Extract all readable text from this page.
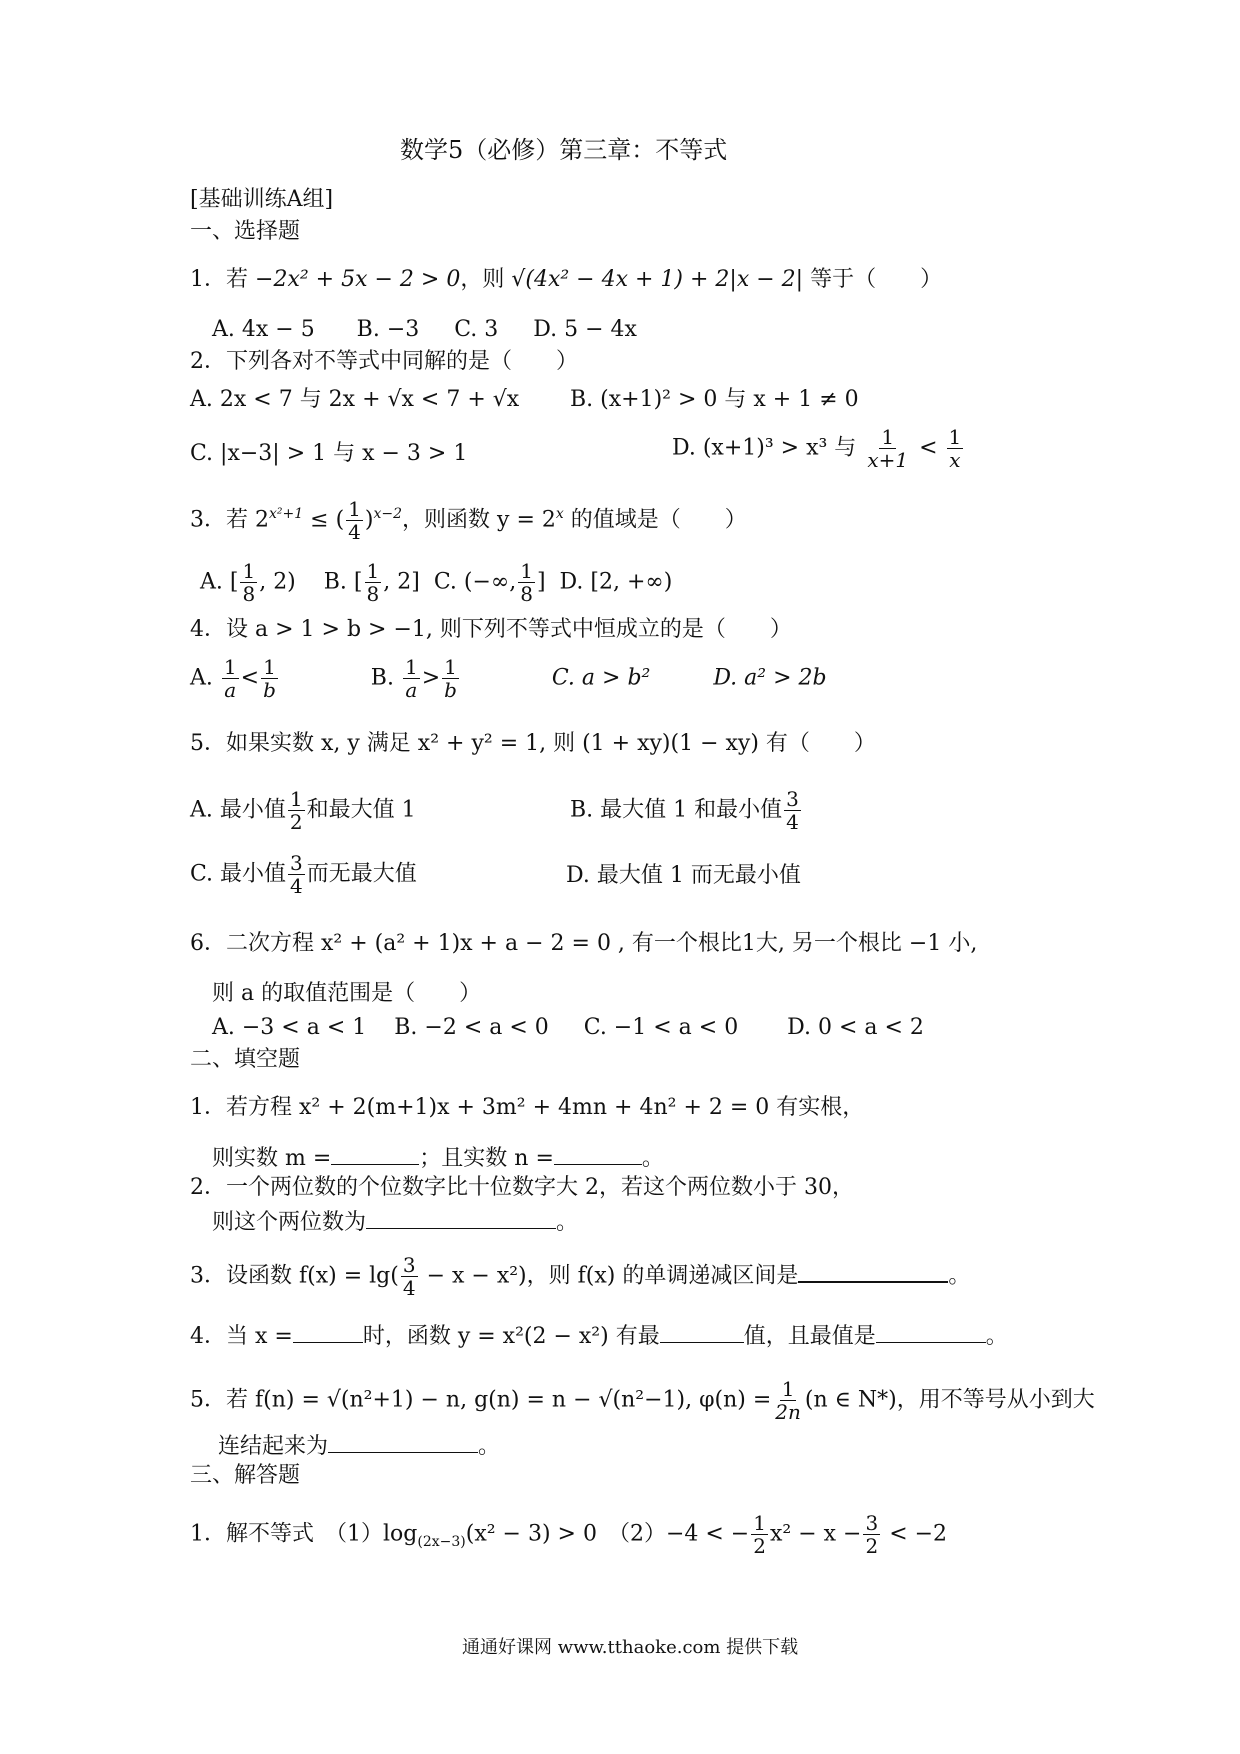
数学5（必修）第三章：不等式
[基础训练A组]
一、选择题
1．若 −2x² + 5x − 2 > 0，则 √(4x² − 4x + 1) + 2|x − 2| 等于（　　）
A. 4x − 5 B. −3 C. 3 D. 5 − 4x
2．下列各对不等式中同解的是（　　）
A. 2x < 7 与 2x + √x < 7 + √x B. (x+1)² > 0 与 x + 1 ≠ 0
C. |x−3| > 1 与 x − 3 > 1	D. (x+1)³ > x³ 与 $\frac{1}{x+1} < \frac{1}{x}$
3．若 $2^{x^2+1}$ ≤ ( $\frac{1}{4} )^{x-2}$，则函数 $y = 2^x$ 的值域是（　　）
A. [ $\frac{1}{8}$ , 2) B. [ $\frac{1}{8}$ , 2] C. (−∞, $\frac{1}{8}$ ] D. [2, +∞)
4．设 a > 1 > b > −1, 则下列不等式中恒成立的是（　　）
A. $\frac{1}{a} < \frac{1}{b}$	B. $\frac{1}{a} > \frac{1}{b}$	C. a > b²	D. a² > 2b
5．如果实数 x, y 满足 x² + y² = 1, 则 (1 + xy)(1 − xy) 有（　　）
A. 最小值 $\frac{1}{2}$ 和最大值 1	B. 最大值 1 和最小值 $\frac{3}{4}$
C. 最小值 $\frac{3}{4}$ 而无最大值	D. 最大值 1 而无最小值
6．二次方程 x² + (a² + 1)x + a − 2 = 0 , 有一个根比1大, 另一个根比 −1 小,
则 a 的取值范围是（　　）
A. −3 < a < 1 B. −2 < a < 0 C. −1 < a < 0 D. 0 < a < 2
二、填空题
1．若方程 x² + 2(m+1)x + 3m² + 4mn + 4n² + 2 = 0 有实根，
则实数 m =	；且实数 n =	。
2．一个两位数的个位数字比十位数字大 2，若这个两位数小于 30，
则这个两位数为	。
3．设函数 $f(x) = \lg( \frac{3}{4} - x - x^2)$，则 f(x) 的单调递减区间是	。
4．当 x =	时，函数 y = x²(2 − x²) 有最	值，且最值是	。
5．若 f(n) = √(n²+1) − n, g(n) = n − √(n²−1), $\varphi(n) = \frac{1}{2n} (n$ ∈ N*)，用不等号从小到大
连结起来为	。
三、解答题
1．解不等式　$(1)\log_{(2x-3)}(x^2 - 3) > 0$　（2）−4 < − $\frac{1}{2} x^2 - x - \frac{3}{2} < -2$
通通好课网 www.tthaoke.com 提供下载
